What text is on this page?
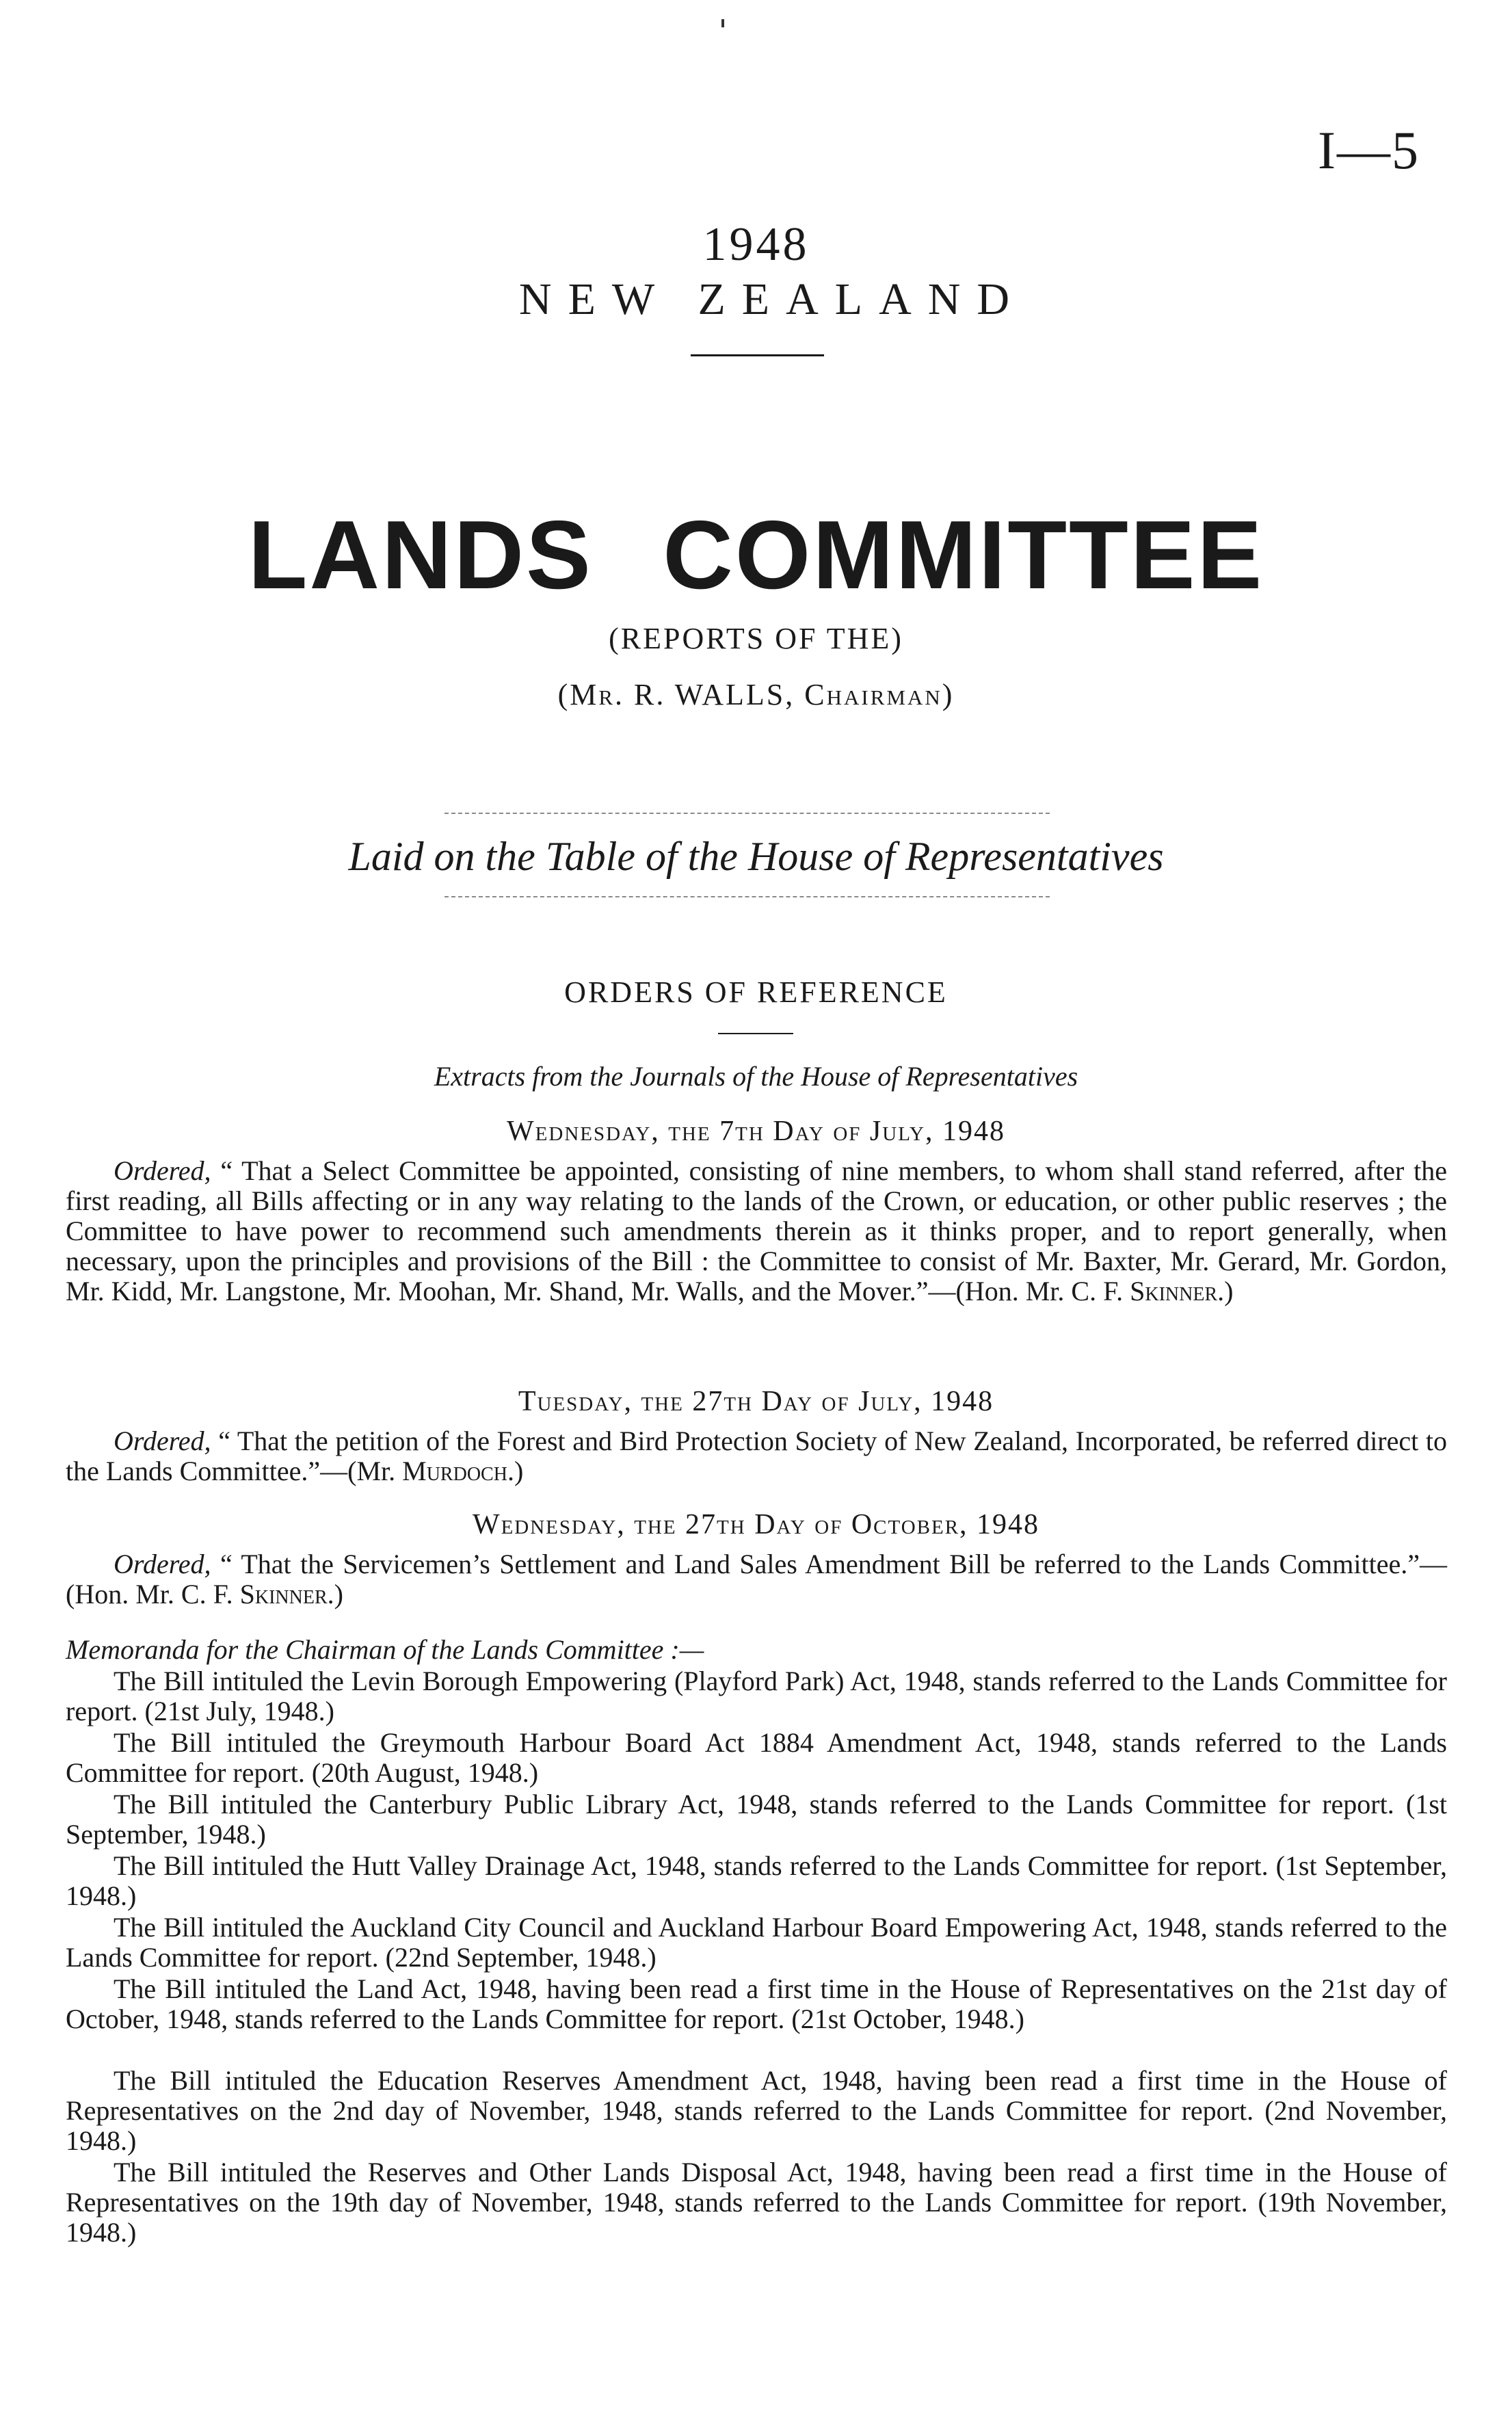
I—5
1948
NEW ZEALAND
LANDS COMMITTEE
(REPORTS OF THE)
(Mr. R. WALLS, Chairman)
Laid on the Table of the House of Representatives
ORDERS OF REFERENCE
Extracts from the Journals of the House of Representatives
Wednesday, the 7th Day of July, 1948
Ordered, “ That a Select Committee be appointed, consisting of nine members, to whom shall stand referred, after the first reading, all Bills affecting or in any way relating to the lands of the Crown, or education, or other public reserves ; the Committee to have power to recommend such amendments therein as it thinks proper, and to report generally, when necessary, upon the principles and provisions of the Bill : the Committee to consist of Mr. Baxter, Mr. Gerard, Mr. Gordon, Mr. Kidd, Mr. Langstone, Mr. Moohan, Mr. Shand, Mr. Walls, and the Mover.”—(Hon. Mr. C. F. Skinner.)
Tuesday, the 27th Day of July, 1948
Ordered, “ That the petition of the Forest and Bird Protection Society of New Zealand, Incorporated, be referred direct to the Lands Committee.”—(Mr. Murdoch.)
Wednesday, the 27th Day of October, 1948
Ordered, “ That the Servicemen’s Settlement and Land Sales Amendment Bill be referred to the Lands Committee.”—(Hon. Mr. C. F. Skinner.)
Memoranda for the Chairman of the Lands Committee :—
The Bill intituled the Levin Borough Empowering (Playford Park) Act, 1948, stands referred to the Lands Committee for report. (21st July, 1948.)
The Bill intituled the Greymouth Harbour Board Act 1884 Amendment Act, 1948, stands referred to the Lands Committee for report. (20th August, 1948.)
The Bill intituled the Canterbury Public Library Act, 1948, stands referred to the Lands Committee for report. (1st September, 1948.)
The Bill intituled the Hutt Valley Drainage Act, 1948, stands referred to the Lands Committee for report. (1st September, 1948.)
The Bill intituled the Auckland City Council and Auckland Harbour Board Empowering Act, 1948, stands referred to the Lands Committee for report. (22nd September, 1948.)
The Bill intituled the Land Act, 1948, having been read a first time in the House of Representatives on the 21st day of October, 1948, stands referred to the Lands Committee for report. (21st October, 1948.)
The Bill intituled the Education Reserves Amendment Act, 1948, having been read a first time in the House of Representatives on the 2nd day of November, 1948, stands referred to the Lands Committee for report. (2nd November, 1948.)
The Bill intituled the Reserves and Other Lands Disposal Act, 1948, having been read a first time in the House of Representatives on the 19th day of November, 1948, stands referred to the Lands Committee for report. (19th November, 1948.)
